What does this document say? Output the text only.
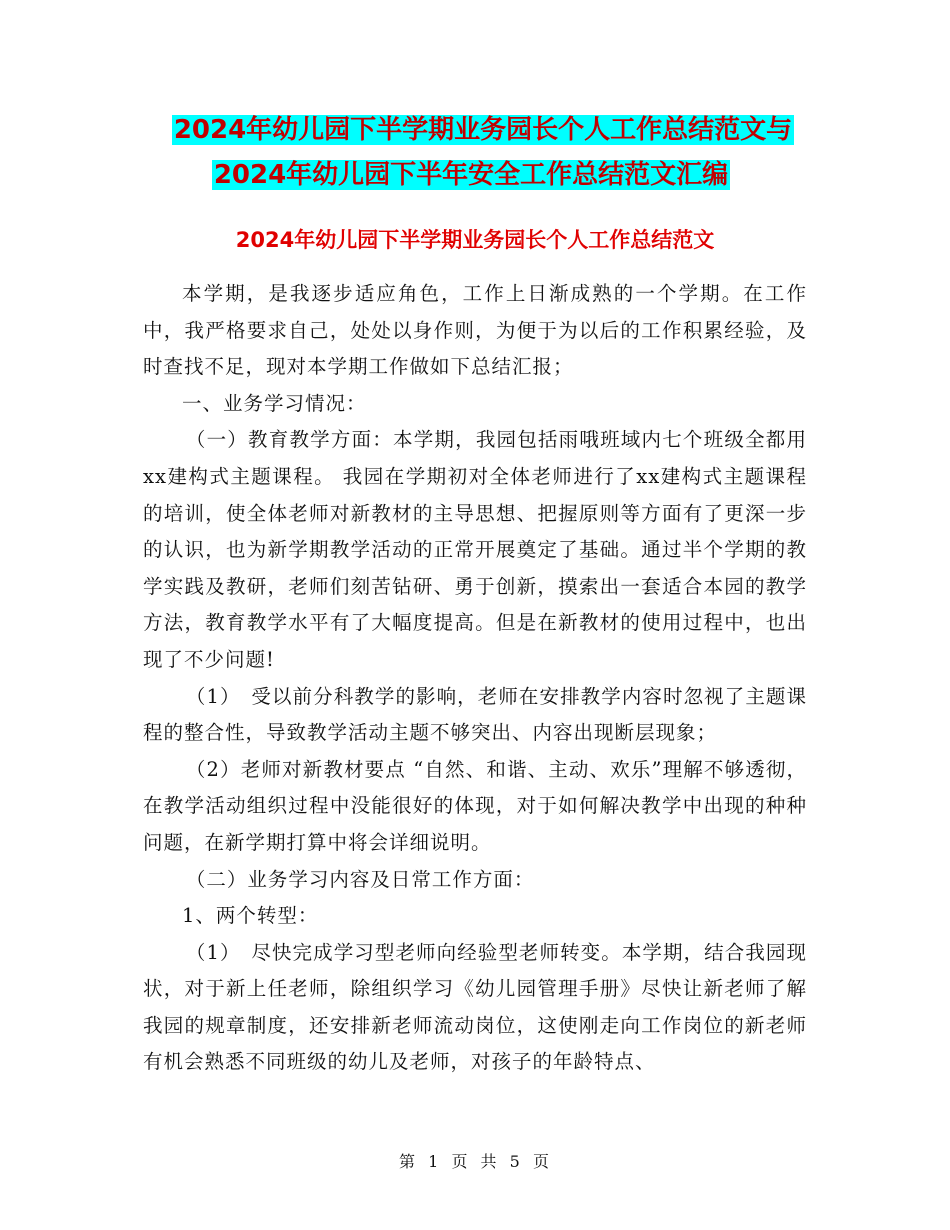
2024年幼儿园下半学期业务园长个人工作总结范文与
2024年幼儿园下半年安全工作总结范文汇编
2024年幼儿园下半学期业务园长个人工作总结范文

本学期，是我逐步适应角色，工作上日渐成熟的一个学期。在工作中，我严格要求自己，处处以身作则，为便于为以后的工作积累经验，及时查找不足，现对本学期工作做如下总结汇报；

一、业务学习情况：

（一）教育教学方面：本学期，我园包括雨哦班域内七个班级全都用xx建构式主题课程。 我园在学期初对全体老师进行了xx建构式主题课程的培训，使全体老师对新教材的主导思想、把握原则等方面有了更深一步的认识，也为新学期教学活动的正常开展奠定了基础。通过半个学期的教学实践及教研，老师们刻苦钻研、勇于创新，摸索出一套适合本园的教学方法，教育教学水平有了大幅度提高。但是在新教材的使用过程中，也出现了不少问题!

（1）　受以前分科教学的影响，老师在安排教学内容时忽视了主题课程的整合性，导致教学活动主题不够突出、内容出现断层现象；

（2）老师对新教材要点 “自然、和谐、主动、欢乐”理解不够透彻，在教学活动组织过程中没能很好的体现，对于如何解决教学中出现的种种问题，在新学期打算中将会详细说明。

（二）业务学习内容及日常工作方面：

1、两个转型：

（1）　尽快完成学习型老师向经验型老师转变。本学期，结合我园现状，对于新上任老师，除组织学习《幼儿园管理手册》尽快让新老师了解我园的规章制度，还安排新老师流动岗位，这使刚走向工作岗位的新老师有机会熟悉不同班级的幼儿及老师，对孩子的年龄特点、

第 1 页 共 5 页
